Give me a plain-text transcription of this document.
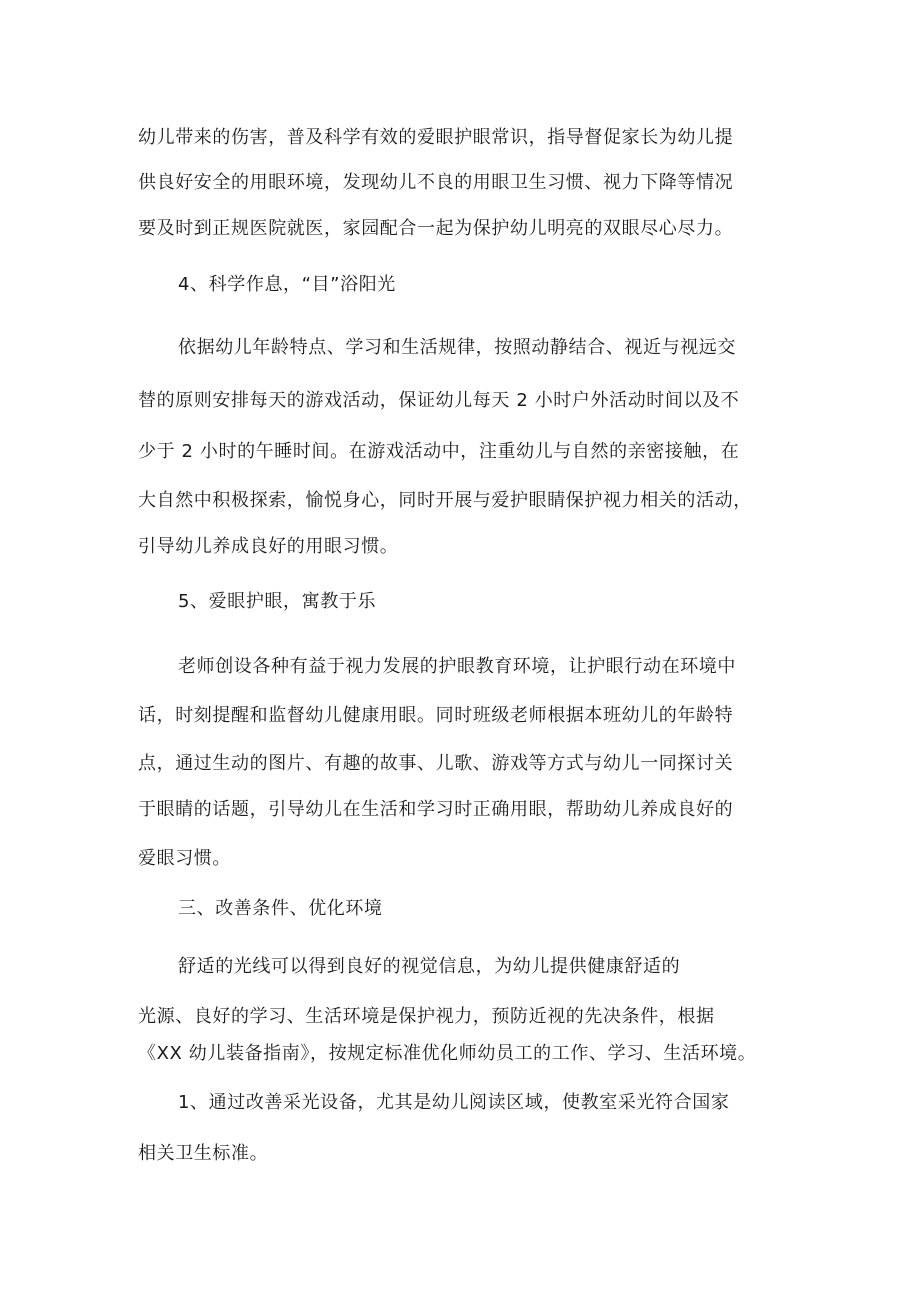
幼儿带来的伤害，普及科学有效的爱眼护眼常识，指导督促家长为幼儿提
供良好安全的用眼环境，发现幼儿不良的用眼卫生习惯、视力下降等情况
要及时到正规医院就医，家园配合一起为保护幼儿明亮的双眼尽心尽力。
4、科学作息，“目”浴阳光
依据幼儿年龄特点、学习和生活规律，按照动静结合、视近与视远交
替的原则安排每天的游戏活动，保证幼儿每天 2 小时户外活动时间以及不
少于 2 小时的午睡时间。在游戏活动中，注重幼儿与自然的亲密接触，在
大自然中积极探索，愉悦身心，同时开展与爱护眼睛保护视力相关的活动，
引导幼儿养成良好的用眼习惯。
5、爱眼护眼，寓教于乐
老师创设各种有益于视力发展的护眼教育环境，让护眼行动在环境中
话，时刻提醒和监督幼儿健康用眼。同时班级老师根据本班幼儿的年龄特
点，通过生动的图片、有趣的故事、儿歌、游戏等方式与幼儿一同探讨关
于眼睛的话题，引导幼儿在生活和学习时正确用眼，帮助幼儿养成良好的
爱眼习惯。
三、改善条件、优化环境
舒适的光线可以得到良好的视觉信息，为幼儿提供健康舒适的
光源、良好的学习、生活环境是保护视力，预防近视的先决条件，根据
《XX 幼儿装备指南》，按规定标准优化师幼员工的工作、学习、生活环境。
1、通过改善采光设备，尤其是幼儿阅读区域，使教室采光符合国家
相关卫生标准。
